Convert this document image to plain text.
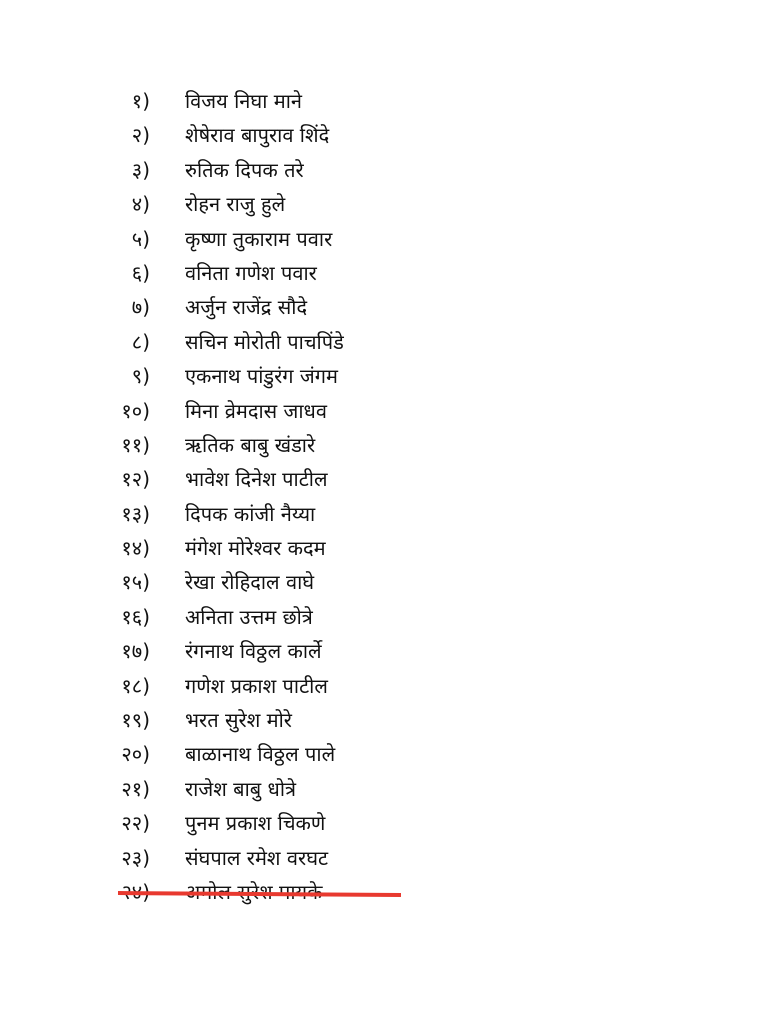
१) विजय निघा माने
२) शेषेराव बापुराव शिंदे
३) रुतिक दिपक तरे
४) रोहन राजु हुले
५) कृष्णा तुकाराम पवार
६) वनिता गणेश पवार
७) अर्जुन राजेंद्र सौदे
८) सचिन मोरोती पाचपिंडे
९) एकनाथ पांडुरंग जंगम
१०) मिना व्रेमदास जाधव
११) ऋतिक बाबु खंडारे
१२) भावेश दिनेश पाटील
१३) दिपक कांजी नैय्या
१४) मंगेश मोरेश्वर कदम
१५) रेखा रोहिदाल वाघे
१६) अनिता उत्तम छोत्रे
१७) रंगनाथ विठ्ठल कार्ले
१८) गणेश प्रकाश पाटील
१९) भरत सुरेश मोरे
२०) बाळानाथ विठ्ठल पाले
२१) राजेश बाबु धोत्रे
२२) पुनम प्रकाश चिकणे
२३) संघपाल रमेश वरघट
२४) अमोल सुरेश पायके
